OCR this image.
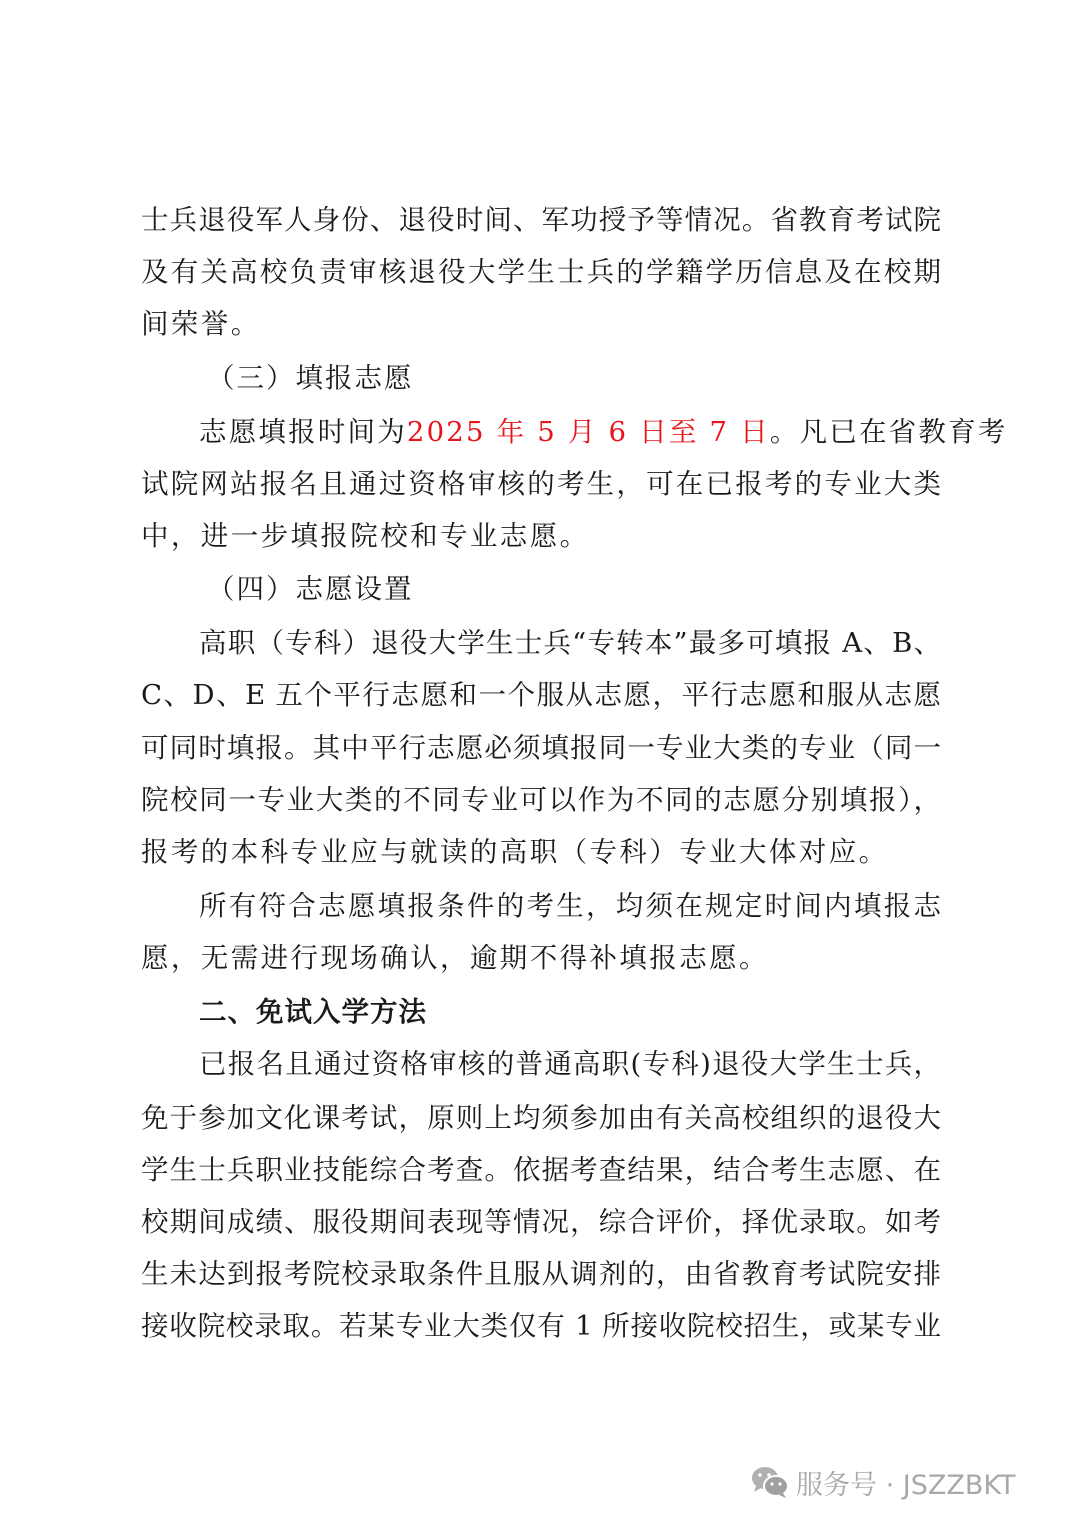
士兵退役军人身份、退役时间、军功授予等情况。省教育考试院
及有关高校负责审核退役大学生士兵的学籍学历信息及在校期
间荣誉。
（三）填报志愿
志愿填报时间为2025 年 5 月 6 日至 7 日。凡已在省教育考
试院网站报名且通过资格审核的考生，可在已报考的专业大类
中，进一步填报院校和专业志愿。
（四）志愿设置
高职（专科）退役大学生士兵“专转本”最多可填报 A、B、
C、D、E 五个平行志愿和一个服从志愿，平行志愿和服从志愿
可同时填报。其中平行志愿必须填报同一专业大类的专业（同一
院校同一专业大类的不同专业可以作为不同的志愿分别填报），
报考的本科专业应与就读的高职（专科）专业大体对应。
所有符合志愿填报条件的考生，均须在规定时间内填报志
愿，无需进行现场确认，逾期不得补填报志愿。
二、免试入学方法
已报名且通过资格审核的普通高职(专科)退役大学生士兵，
免于参加文化课考试，原则上均须参加由有关高校组织的退役大
学生士兵职业技能综合考查。依据考查结果，结合考生志愿、在
校期间成绩、服役期间表现等情况，综合评价，择优录取。如考
生未达到报考院校录取条件且服从调剂的，由省教育考试院安排
接收院校录取。若某专业大类仅有 1 所接收院校招生，或某专业
服务号 · JSZZBKT
